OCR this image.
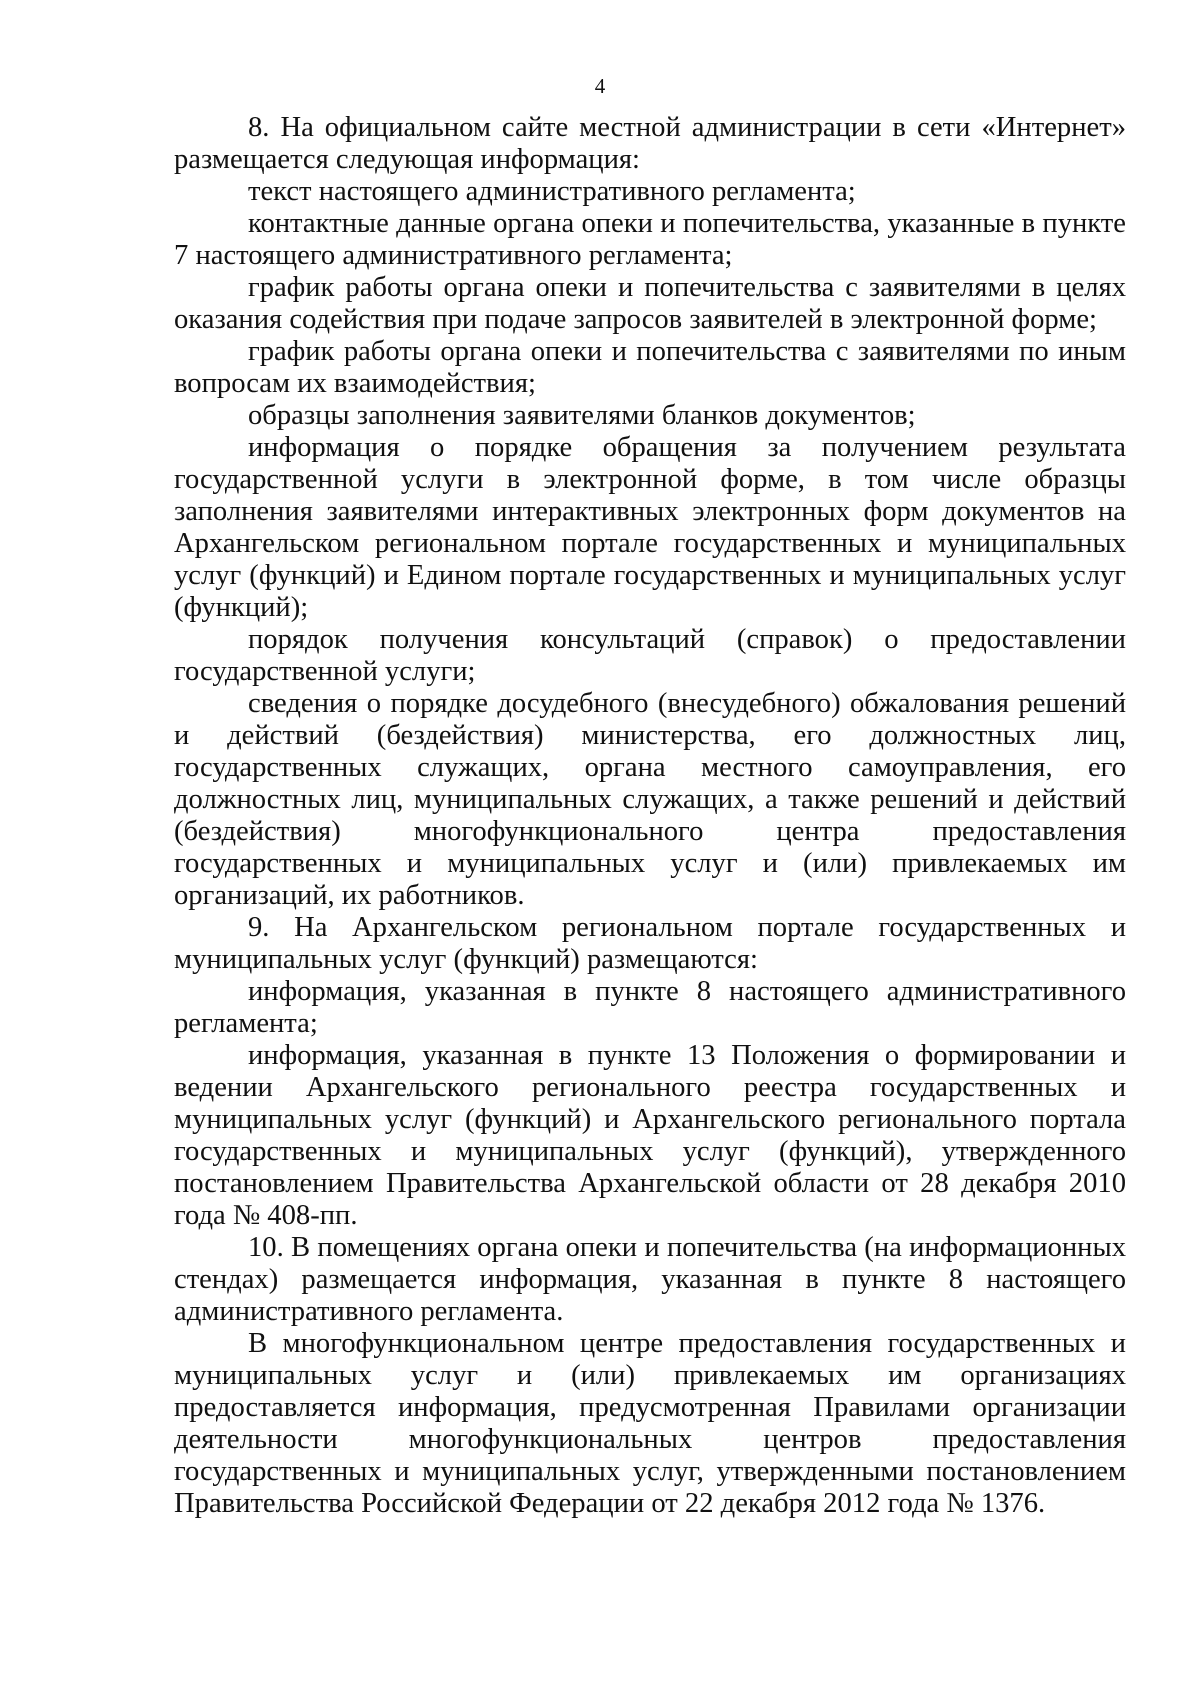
4

8. На официальном сайте местной администрации в сети «Интернет» размещается следующая информация:

текст настоящего административного регламента;

контактные данные органа опеки и попечительства, указанные в пункте 7 настоящего административного регламента;

график работы органа опеки и попечительства с заявителями в целях оказания содействия при подаче запросов заявителей в электронной форме;

график работы органа опеки и попечительства с заявителями по иным вопросам их взаимодействия;

образцы заполнения заявителями бланков документов;

информация о порядке обращения за получением результата государственной услуги в электронной форме, в том числе образцы заполнения заявителями интерактивных электронных форм документов на Архангельском региональном портале государственных и муниципальных услуг (функций) и Едином портале государственных и муниципальных услуг (функций);

порядок получения консультаций (справок) о предоставлении государственной услуги;

сведения о порядке досудебного (внесудебного) обжалования решений и действий (бездействия) министерства, его должностных лиц, государственных служащих, органа местного самоуправления, его должностных лиц, муниципальных служащих, а также решений и действий (бездействия) многофункционального центра предоставления государственных и муниципальных услуг и (или) привлекаемых им организаций, их работников.

9. На Архангельском региональном портале государственных и муниципальных услуг (функций) размещаются:

информация, указанная в пункте 8 настоящего административного регламента;

информация, указанная в пункте 13 Положения о формировании и ведении Архангельского регионального реестра государственных и муниципальных услуг (функций) и Архангельского регионального портала государственных и муниципальных услуг (функций), утвержденного постановлением Правительства Архангельской области от 28 декабря 2010 года № 408-пп.

10. В помещениях органа опеки и попечительства (на информационных стендах) размещается информация, указанная в пункте 8 настоящего административного регламента.

В многофункциональном центре предоставления государственных и муниципальных услуг и (или) привлекаемых им организациях предоставляется информация, предусмотренная Правилами организации деятельности многофункциональных центров предоставления государственных и муниципальных услуг, утвержденными постановлением Правительства Российской Федерации от 22 декабря 2012 года № 1376.
